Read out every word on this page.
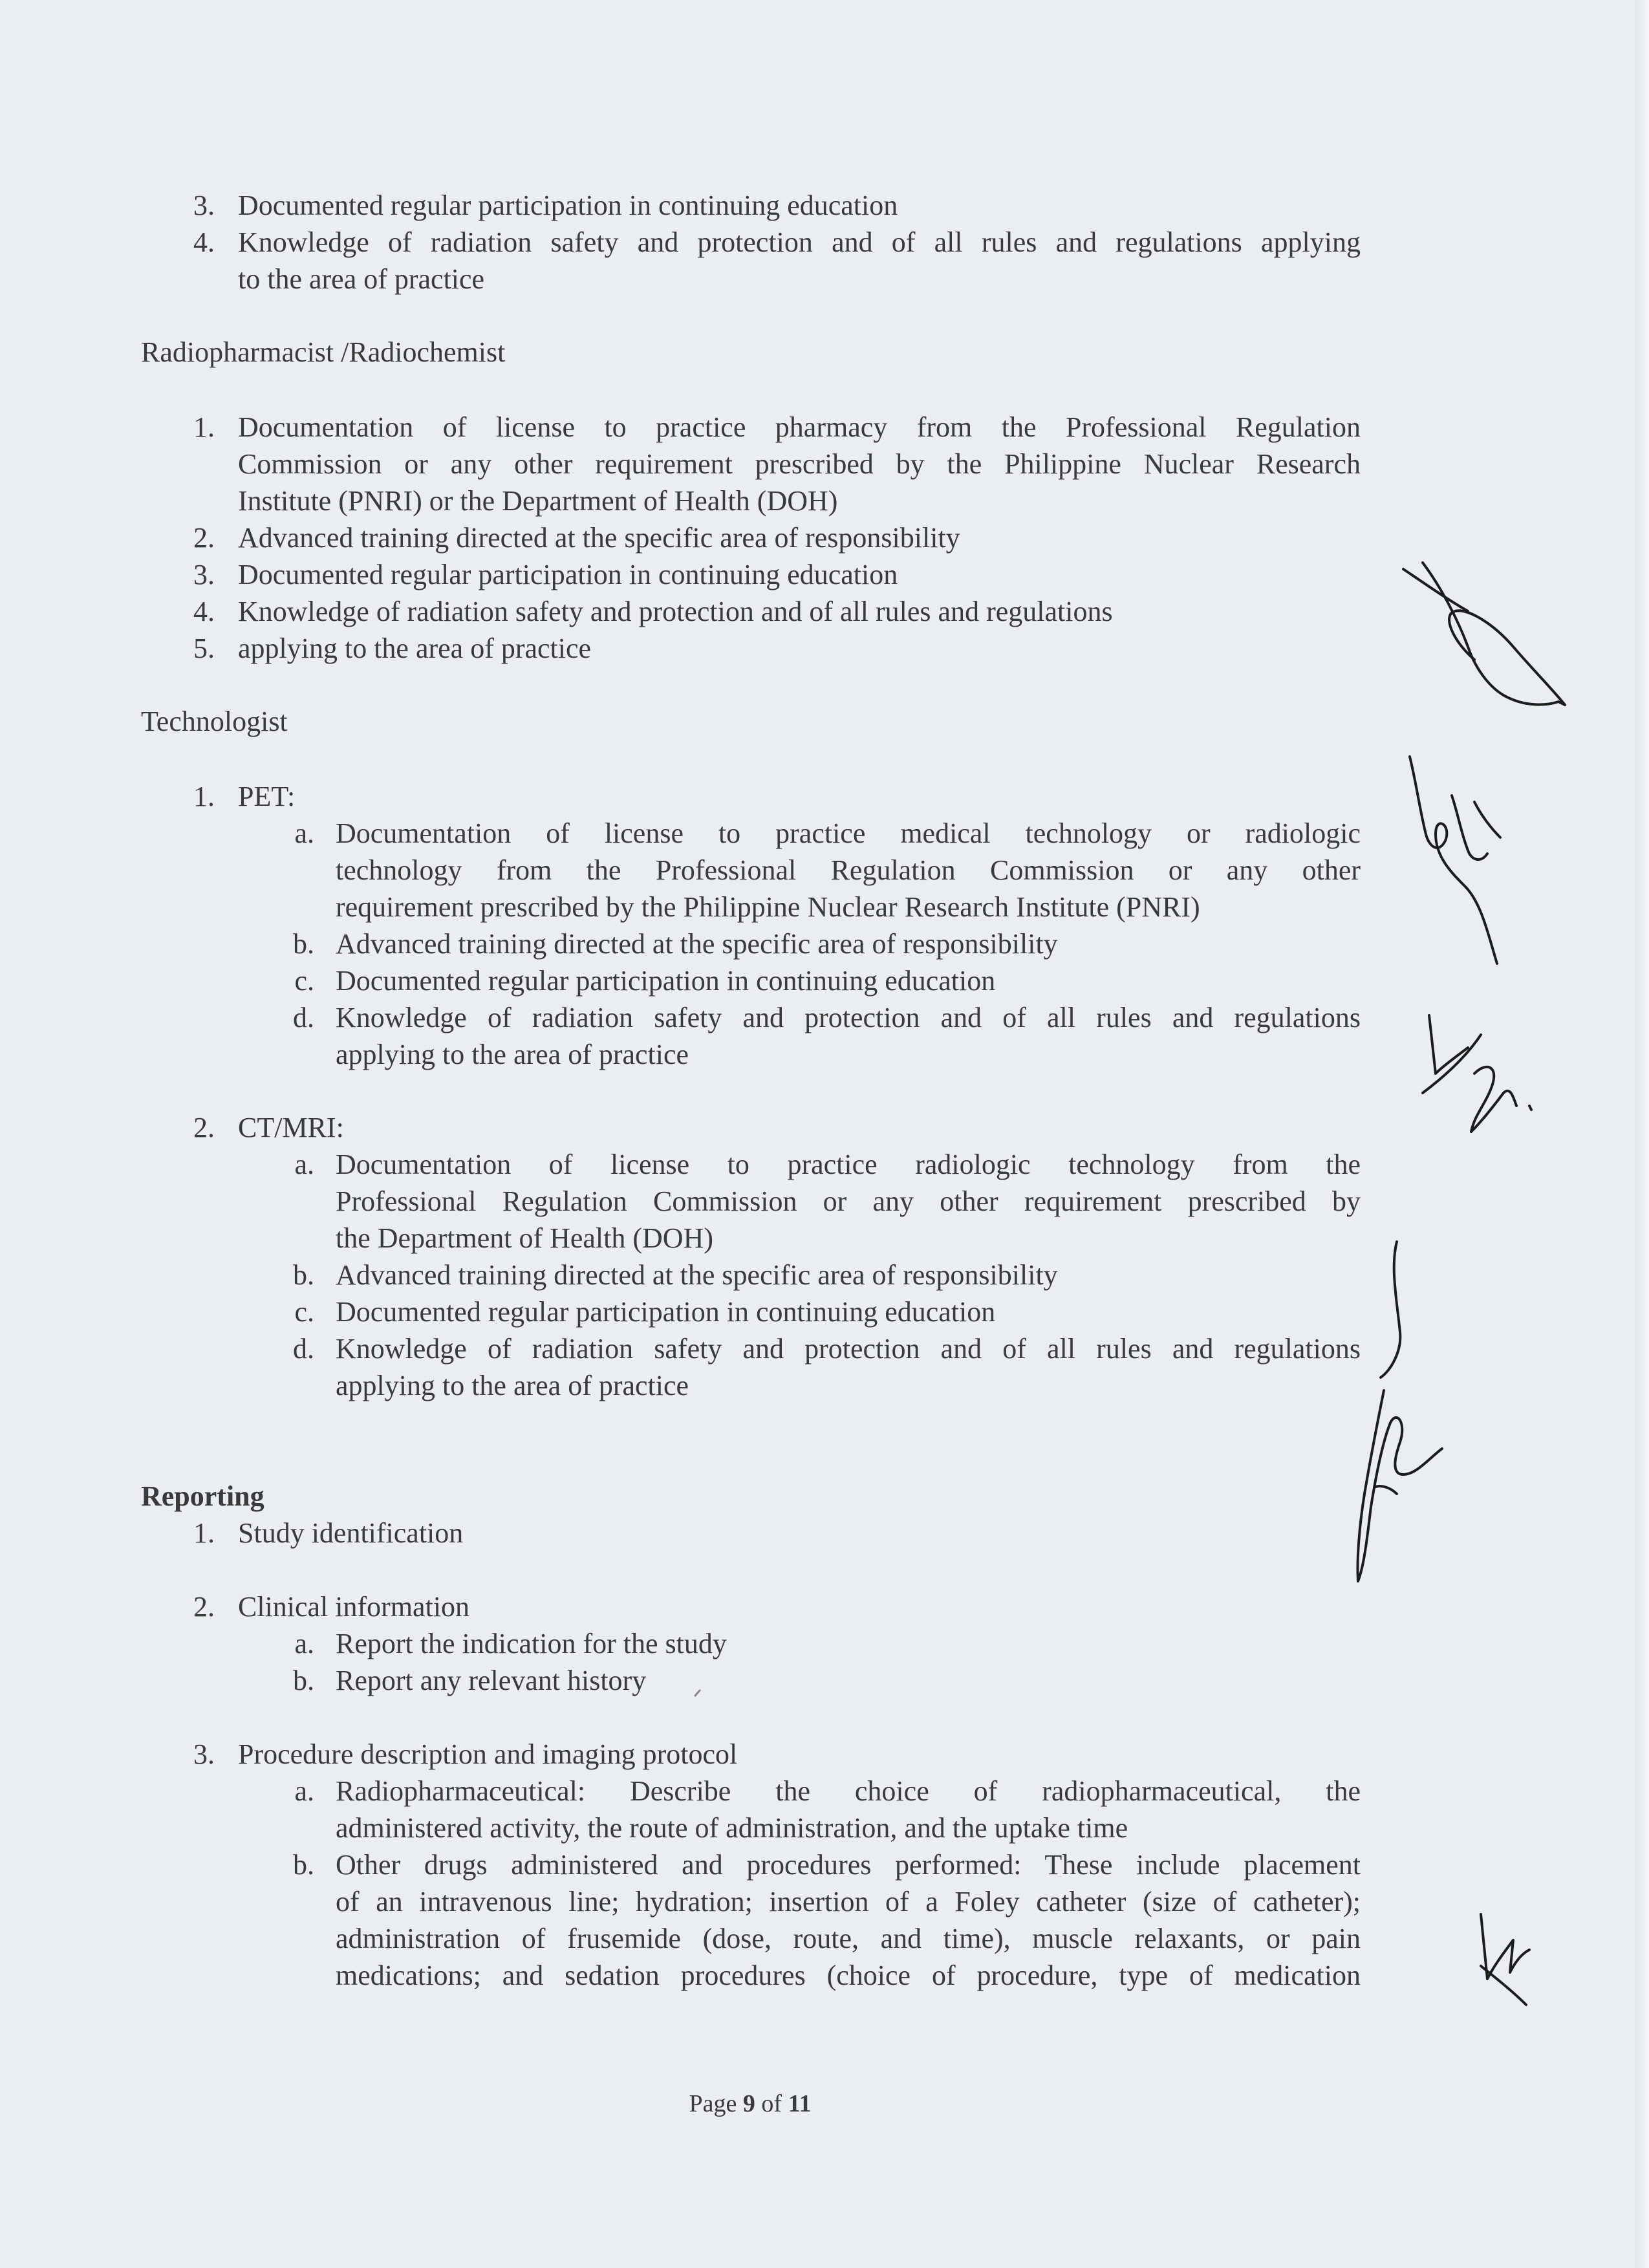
3. Documented regular participation in continuing education
4. Knowledge of radiation safety and protection and of all rules and regulations applying
to the area of practice
Radiopharmacist /Radiochemist
1. Documentation of license to practice pharmacy from the Professional Regulation
Commission or any other requirement prescribed by the Philippine Nuclear Research
Institute (PNRI) or the Department of Health (DOH)
2. Advanced training directed at the specific area of responsibility
3. Documented regular participation in continuing education
4. Knowledge of radiation safety and protection and of all rules and regulations
5. applying to the area of practice
Technologist
1. PET:
a. Documentation of license to practice medical technology or radiologic
technology from the Professional Regulation Commission or any other
requirement prescribed by the Philippine Nuclear Research Institute (PNRI)
b. Advanced training directed at the specific area of responsibility
c. Documented regular participation in continuing education
d. Knowledge of radiation safety and protection and of all rules and regulations
applying to the area of practice
2. CT/MRI:
a. Documentation of license to practice radiologic technology from the
Professional Regulation Commission or any other requirement prescribed by
the Department of Health (DOH)
b. Advanced training directed at the specific area of responsibility
c. Documented regular participation in continuing education
d. Knowledge of radiation safety and protection and of all rules and regulations
applying to the area of practice
Reporting
1. Study identification
2. Clinical information
a. Report the indication for the study
b. Report any relevant history
3. Procedure description and imaging protocol
a. Radiopharmaceutical: Describe the choice of radiopharmaceutical, the
administered activity, the route of administration, and the uptake time
b. Other drugs administered and procedures performed: These include placement
of an intravenous line; hydration; insertion of a Foley catheter (size of catheter);
administration of frusemide (dose, route, and time), muscle relaxants, or pain
medications; and sedation procedures (choice of procedure, type of medication
Page 9 of 11
